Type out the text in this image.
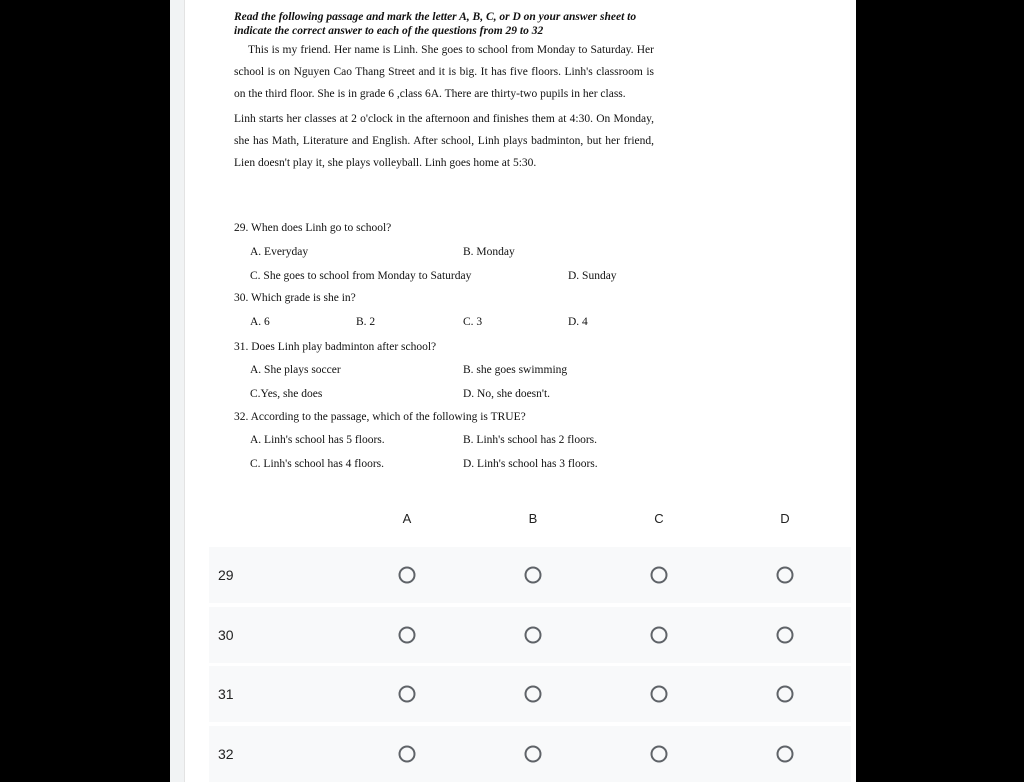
Read the following passage and mark the letter A, B, C, or D on your answer sheet to indicate the correct answer to each of the questions from 29 to 32

This is my friend. Her name is Linh. She goes to school from Monday to Saturday. Her school is on Nguyen Cao Thang Street and it is big. It has five floors. Linh's classroom is on the third floor. She is in grade 6 ,class 6A. There are thirty-two pupils in her class.

Linh starts her classes at 2 o'clock in the afternoon and finishes them at 4:30. On Monday, she has Math, Literature and English. After school, Linh plays badminton, but her friend, Lien doesn't play it, she plays volleyball. Linh goes home at 5:30.

29. When does Linh go to school?
A. Everyday	B. Monday
C. She goes to school from Monday to Saturday	D. Sunday
30. Which grade is she in?
A. 6	B. 2	C. 3	D. 4
31. Does Linh play badminton after school?
A. She plays soccer	B. she goes swimming
C.Yes, she does	D. No, she doesn't.
32. According to the passage, which of the following is TRUE?
A. Linh's school has 5 floors.	B. Linh's school has 2 floors.
C. Linh's school has 4 floors.	D. Linh's school has 3 floors.
A	B	C	D
29
30
31
32
